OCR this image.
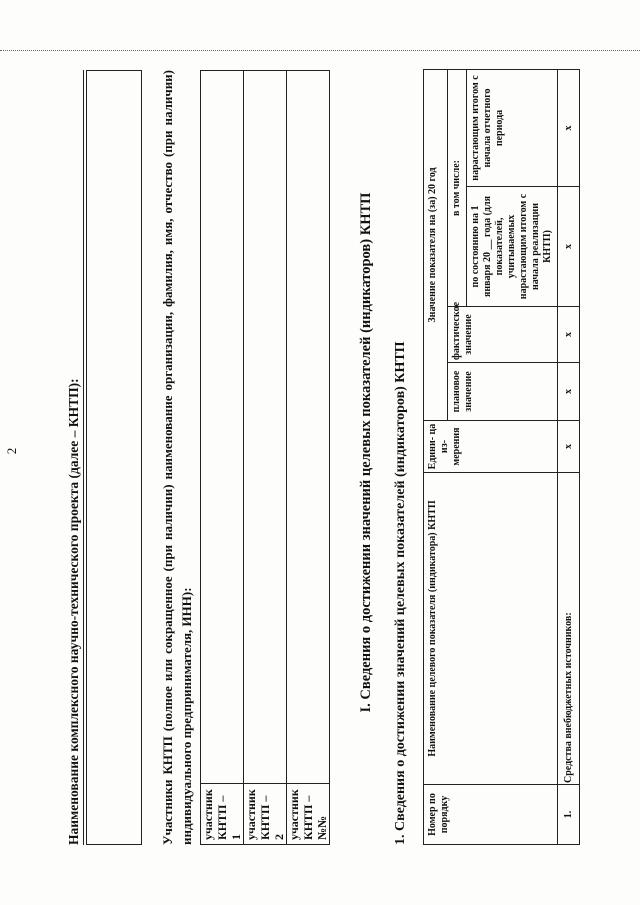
2	Наименование комплексного научно-технического проекта (далее – КНТП):	Участники КНТП (полное или сокращенное (при наличии) наименование организации, фамилия, имя, отчество (при наличии) индивидуального предпринимателя, ИНН): участник КНТП – 1	
участник КНТП – 2	
участник КНТП – №№	
I. Сведения о достижении значений целевых показателей (индикаторов) КНТП 1. Сведения о достижении значений целевых показателей (индикаторов) КНТП Номер по порядку	Наименование целевого показателя (индикатора) КНТП	Едини- ца из- мерения	Значение показателя на (за) 20 год			
			плановое значение	фактическое значение	в том числе:	
					по состоянию на 1 января 20 __ года (для показателей, учитываемых нарастающим итогом с начала реализации КНТП)	нарастающим итогом с начала отчетного периода
1.	Средства внебюджетных источников:	x	x	x	x	x
